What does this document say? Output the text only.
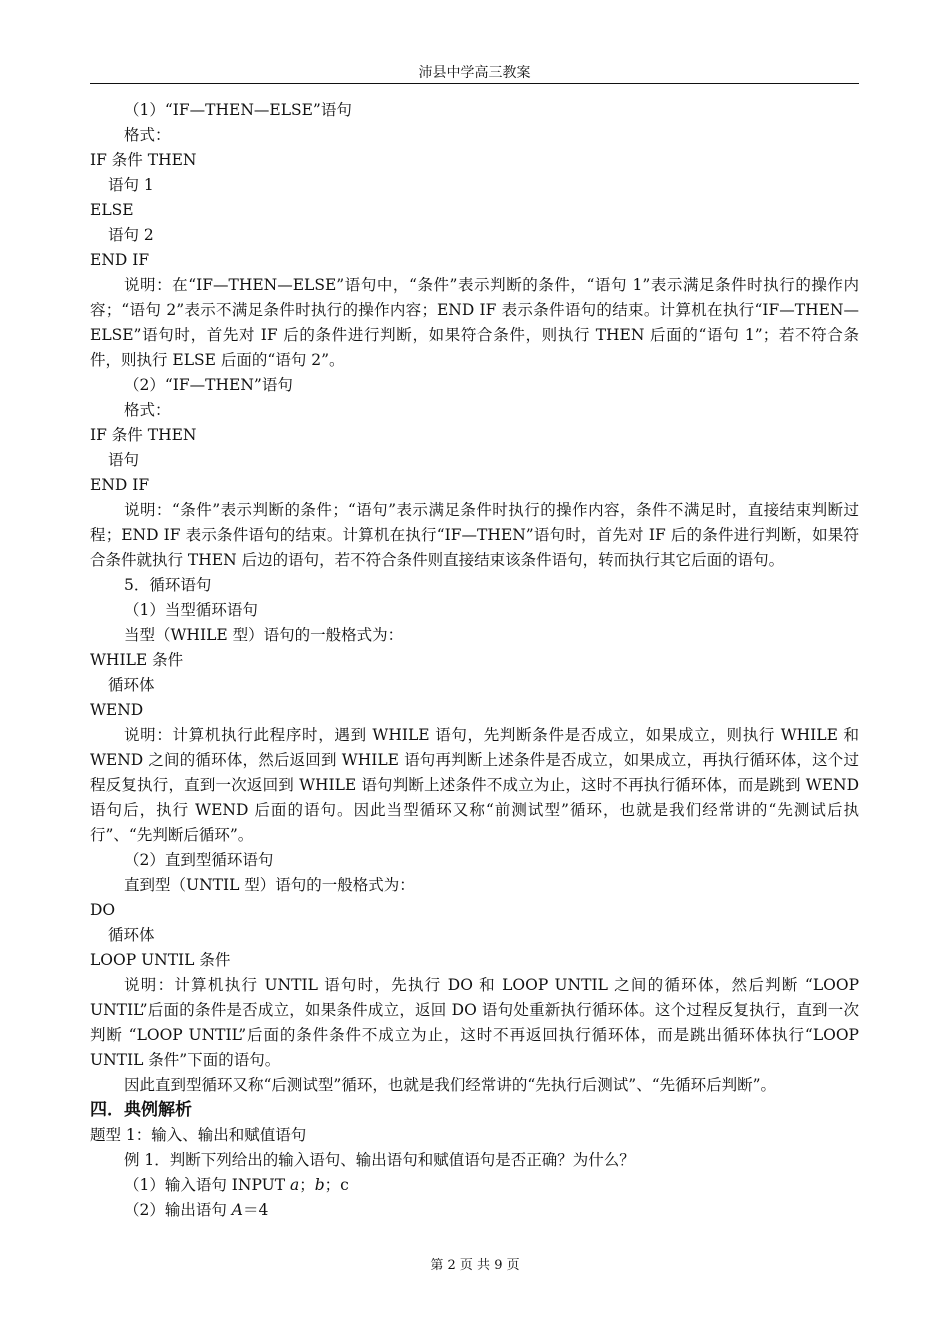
沛县中学高三教案

（1）“IF—THEN—ELSE”语句

格式：

IF 条件 THEN

语句 1

ELSE

语句 2

END IF

说明：在“IF—THEN—ELSE”语句中，“条件”表示判断的条件，“语句 1”表示满足条件时执行的操作内容；“语句 2”表示不满足条件时执行的操作内容；END IF 表示条件语句的结束。计算机在执行“IF—THEN—ELSE”语句时，首先对 IF 后的条件进行判断，如果符合条件，则执行 THEN 后面的“语句 1”；若不符合条件，则执行 ELSE 后面的“语句 2”。

（2）“IF—THEN”语句

格式：

IF 条件 THEN

语句

END IF

说明：“条件”表示判断的条件；“语句”表示满足条件时执行的操作内容，条件不满足时，直接结束判断过程；END IF 表示条件语句的结束。计算机在执行“IF—THEN”语句时，首先对 IF 后的条件进行判断，如果符合条件就执行 THEN 后边的语句，若不符合条件则直接结束该条件语句，转而执行其它后面的语句。

5．循环语句

（1）当型循环语句

当型（WHILE 型）语句的一般格式为：

WHILE 条件

循环体

WEND

说明：计算机执行此程序时，遇到 WHILE 语句，先判断条件是否成立，如果成立，则执行 WHILE 和 WEND 之间的循环体，然后返回到 WHILE 语句再判断上述条件是否成立，如果成立，再执行循环体，这个过程反复执行，直到一次返回到 WHILE 语句判断上述条件不成立为止，这时不再执行循环体，而是跳到 WEND 语句后，执行 WEND 后面的语句。因此当型循环又称“前测试型”循环，也就是我们经常讲的“先测试后执行”、“先判断后循环”。

（2）直到型循环语句

直到型（UNTIL 型）语句的一般格式为：

DO

循环体

LOOP UNTIL 条件

说明：计算机执行 UNTIL 语句时，先执行 DO 和 LOOP UNTIL 之间的循环体，然后判断 “LOOP UNTIL”后面的条件是否成立，如果条件成立，返回 DO 语句处重新执行循环体。这个过程反复执行，直到一次判断 “LOOP UNTIL”后面的条件条件不成立为止，这时不再返回执行循环体，而是跳出循环体执行“LOOP UNTIL 条件”下面的语句。

因此直到型循环又称“后测试型”循环，也就是我们经常讲的“先执行后测试”、“先循环后判断”。

四．典例解析

题型 1：输入、输出和赋值语句

例 1．判断下列给出的输入语句、输出语句和赋值语句是否正确？为什么？

（1）输入语句 INPUT a；b；c

（2）输出语句 A＝4

第 2 页 共 9 页
